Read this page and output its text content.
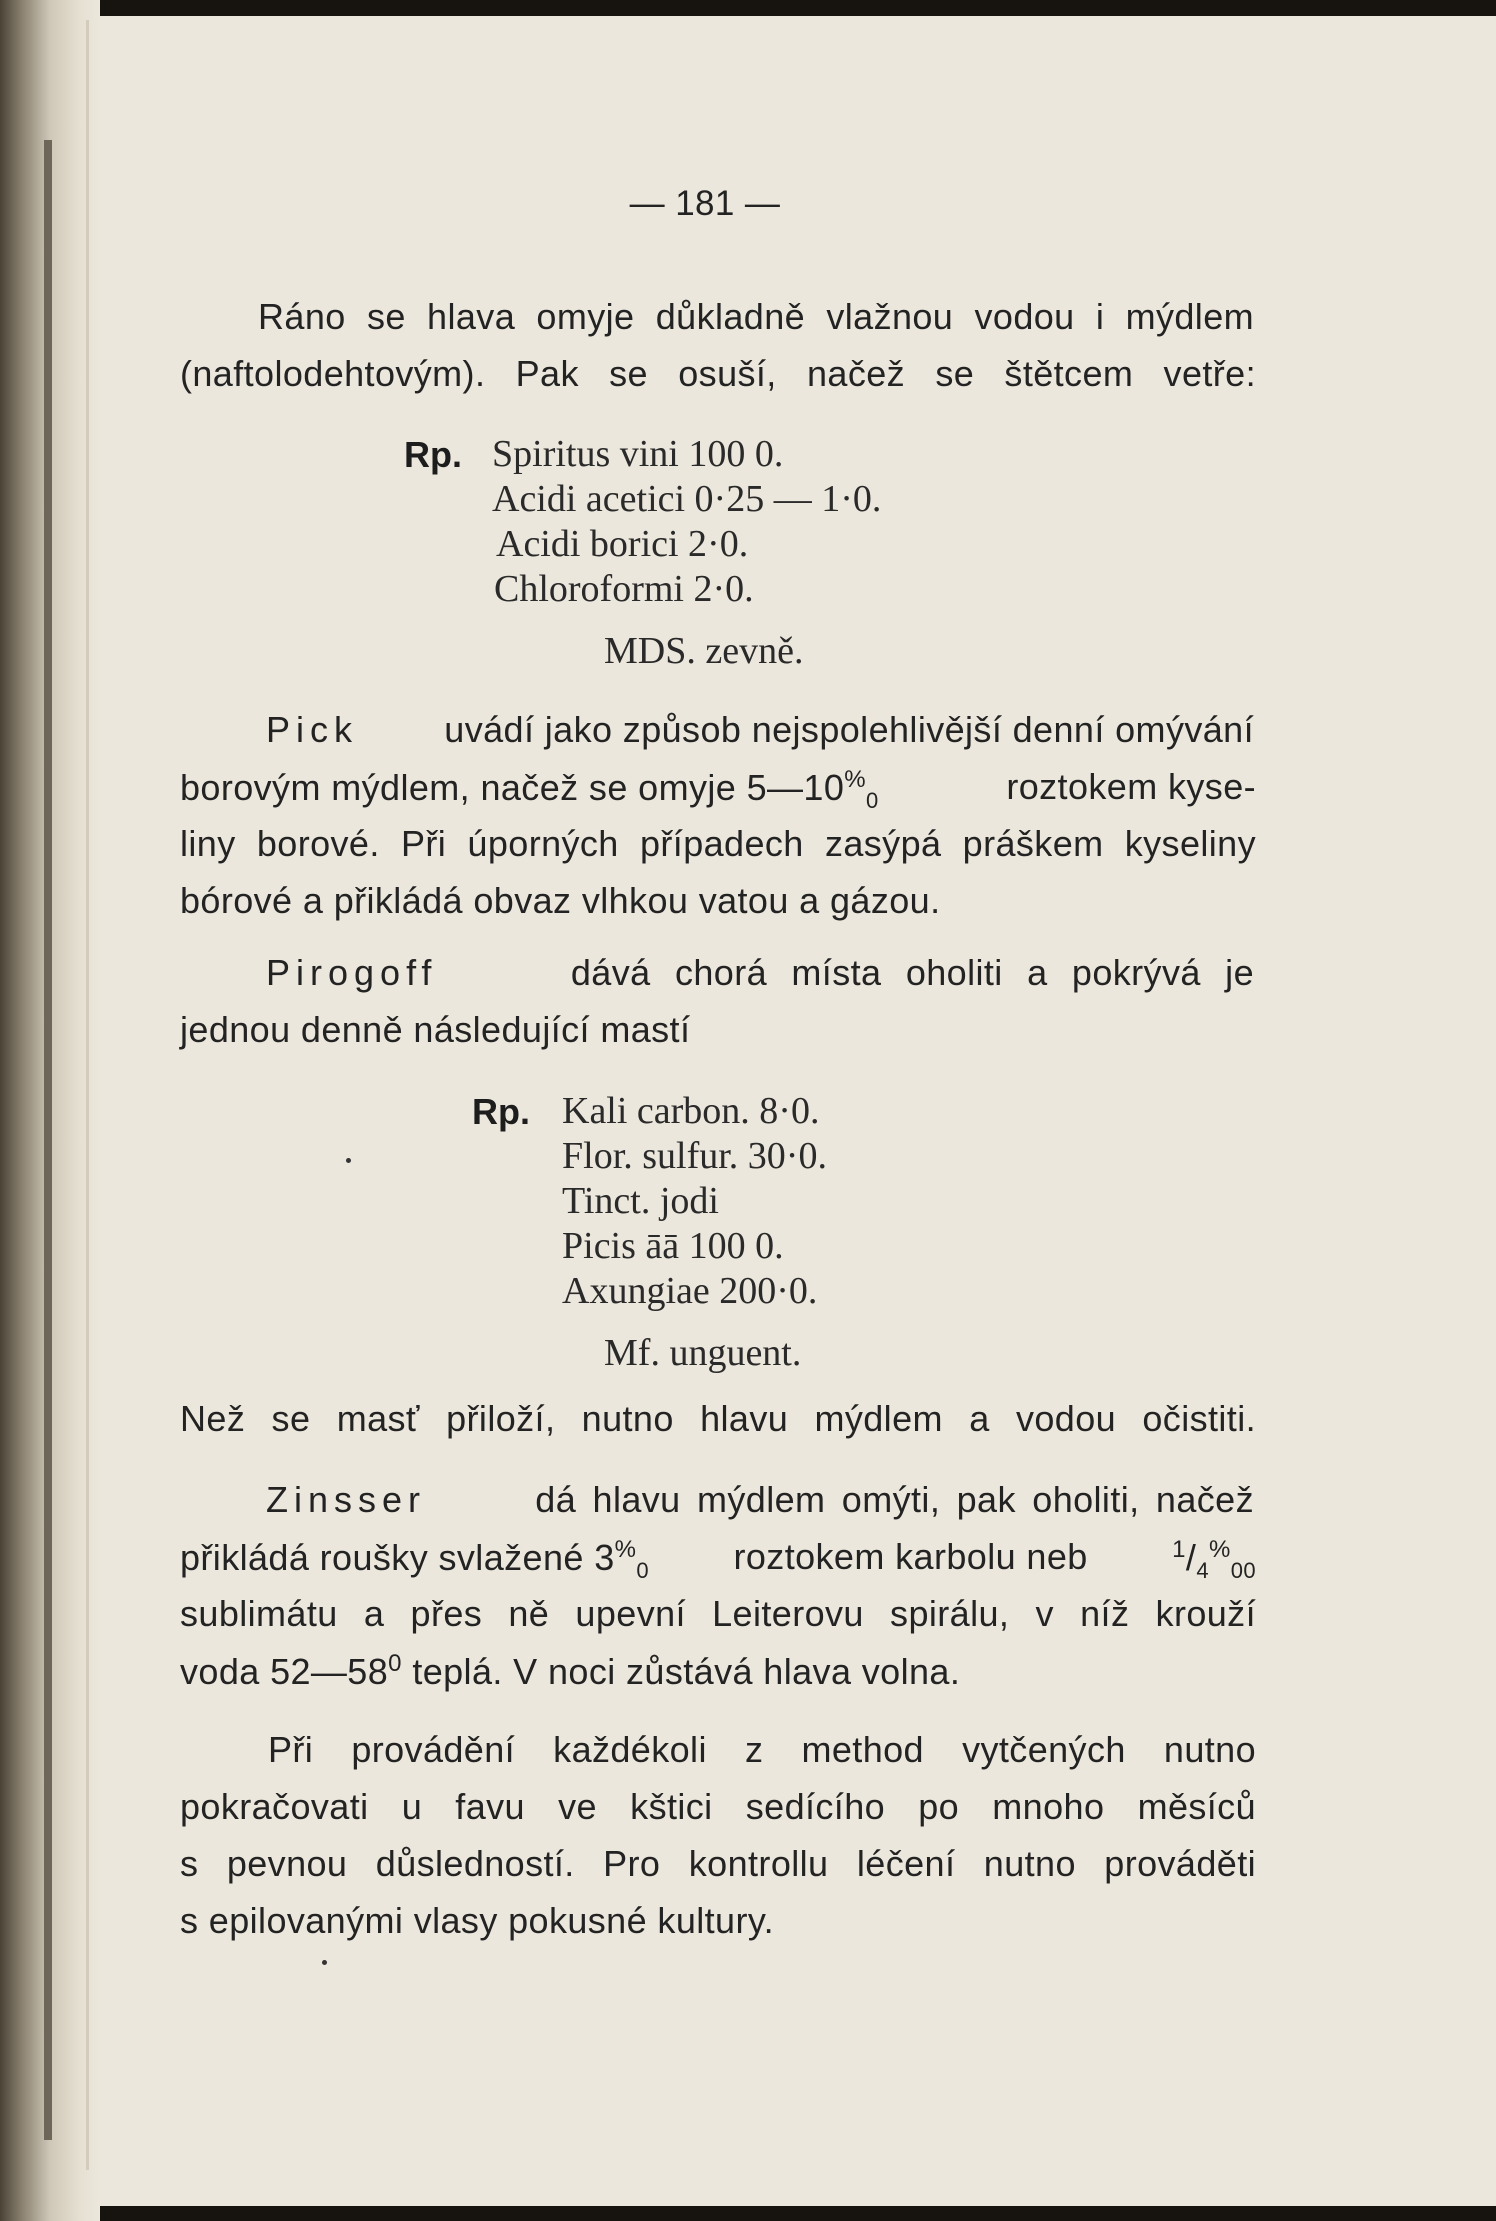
— 181 —

Ráno se hlava omyje důkladně vlažnou vodou i mýdlem

(naftolodehtovým). Pak se osuší, načež se štětcem vetře:

Rp. Spiritus vini 100 0.

Acidi acetici 0·25 — 1·0.

Acidi borici 2·0.

Chloroformi 2·0.

MDS. zevně.

Pick uvádí jako způsob nejspolehlivější denní omývání

borovým mýdlem, načež se omyje $5—10^{\%}_0$	roztokem kyse-

liny borové. Při úporných případech zasýpá práškem kyseliny

bórové a přikládá obvaz vlhkou vatou a gázou.

Pirogoff	dává chorá místa oholiti a pokrývá je

jednou denně následující mastí

Rp. Kali carbon. 8·0.

Flor. sulfur. 30·0.

Tinct. jodi

Picis āā 100 0.

Axungiae 200·0.

Mf. unguent.

Než se masť přiloží, nutno hlavu mýdlem a vodou očistiti.

Zinsser	dá hlavu mýdlem omýti, pak oholiti, načež

přikládá roušky svlažené $3^{\%}_0$ roztokem karbolu neb	$^1/_4^{\%}_{00}$

sublimátu a přes ně upevní Leiterovu spirálu, v níž krouží

voda $52—58^0$ teplá. V noci zůstává hlava volna.

Při provádění každékoli z method vytčených nutno

pokračovati u favu ve kštici sedícího po mnoho měsíců

s pevnou důsledností. Pro kontrollu léčení nutno prováděti

s epilovanými vlasy pokusné kultury.
